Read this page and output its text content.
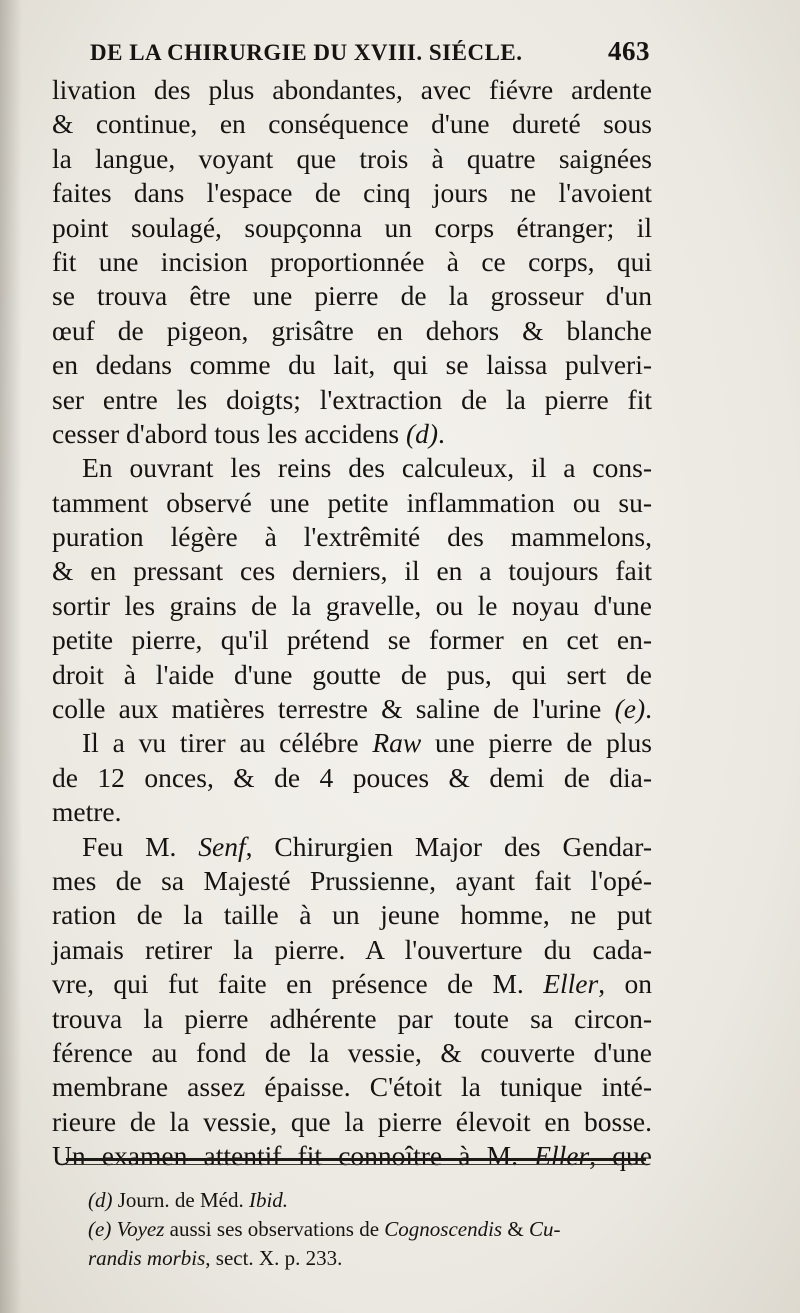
DE LA CHIRURGIE DU XVIII. SIÉCLE.	463
livation des plus abondantes, avec fiévre ardente
& continue, en conséquence d'une dureté sous
la langue, voyant que trois à quatre saignées
faites dans l'espace de cinq jours ne l'avoient
point soulagé, soupçonna un corps étranger; il
fit une incision proportionnée à ce corps, qui
se trouva être une pierre de la grosseur d'un
œuf de pigeon, grisâtre en dehors & blanche
en dedans comme du lait, qui se laissa pulveri-
ser entre les doigts; l'extraction de la pierre fit
cesser d'abord tous les accidens (d).
En ouvrant les reins des calculeux, il a cons-
tamment observé une petite inflammation ou su-
puration légère à l'extrêmité des mammelons,
& en pressant ces derniers, il en a toujours fait
sortir les grains de la gravelle, ou le noyau d'une
petite pierre, qu'il prétend se former en cet en-
droit à l'aide d'une goutte de pus, qui sert de
colle aux matières terrestre & saline de l'urine (e).
Il a vu tirer au célébre Raw une pierre de plus
de 12 onces, & de 4 pouces & demi de dia-
metre.
Feu M. Senf, Chirurgien Major des Gendar-
mes de sa Majesté Prussienne, ayant fait l'opé-
ration de la taille à un jeune homme, ne put
jamais retirer la pierre. A l'ouverture du cada-
vre, qui fut faite en présence de M. Eller, on
trouva la pierre adhérente par toute sa circon-
férence au fond de la vessie, & couverte d'une
membrane assez épaisse. C'étoit la tunique inté-
rieure de la vessie, que la pierre élevoit en bosse.
Un examen attentif fit connoître à M. Eller, que
(d) Journ. de Méd. Ibid.
(e) Voyez aussi ses observations de Cognoscendis & Cu-
randis morbis, sect. X. p. 233.
